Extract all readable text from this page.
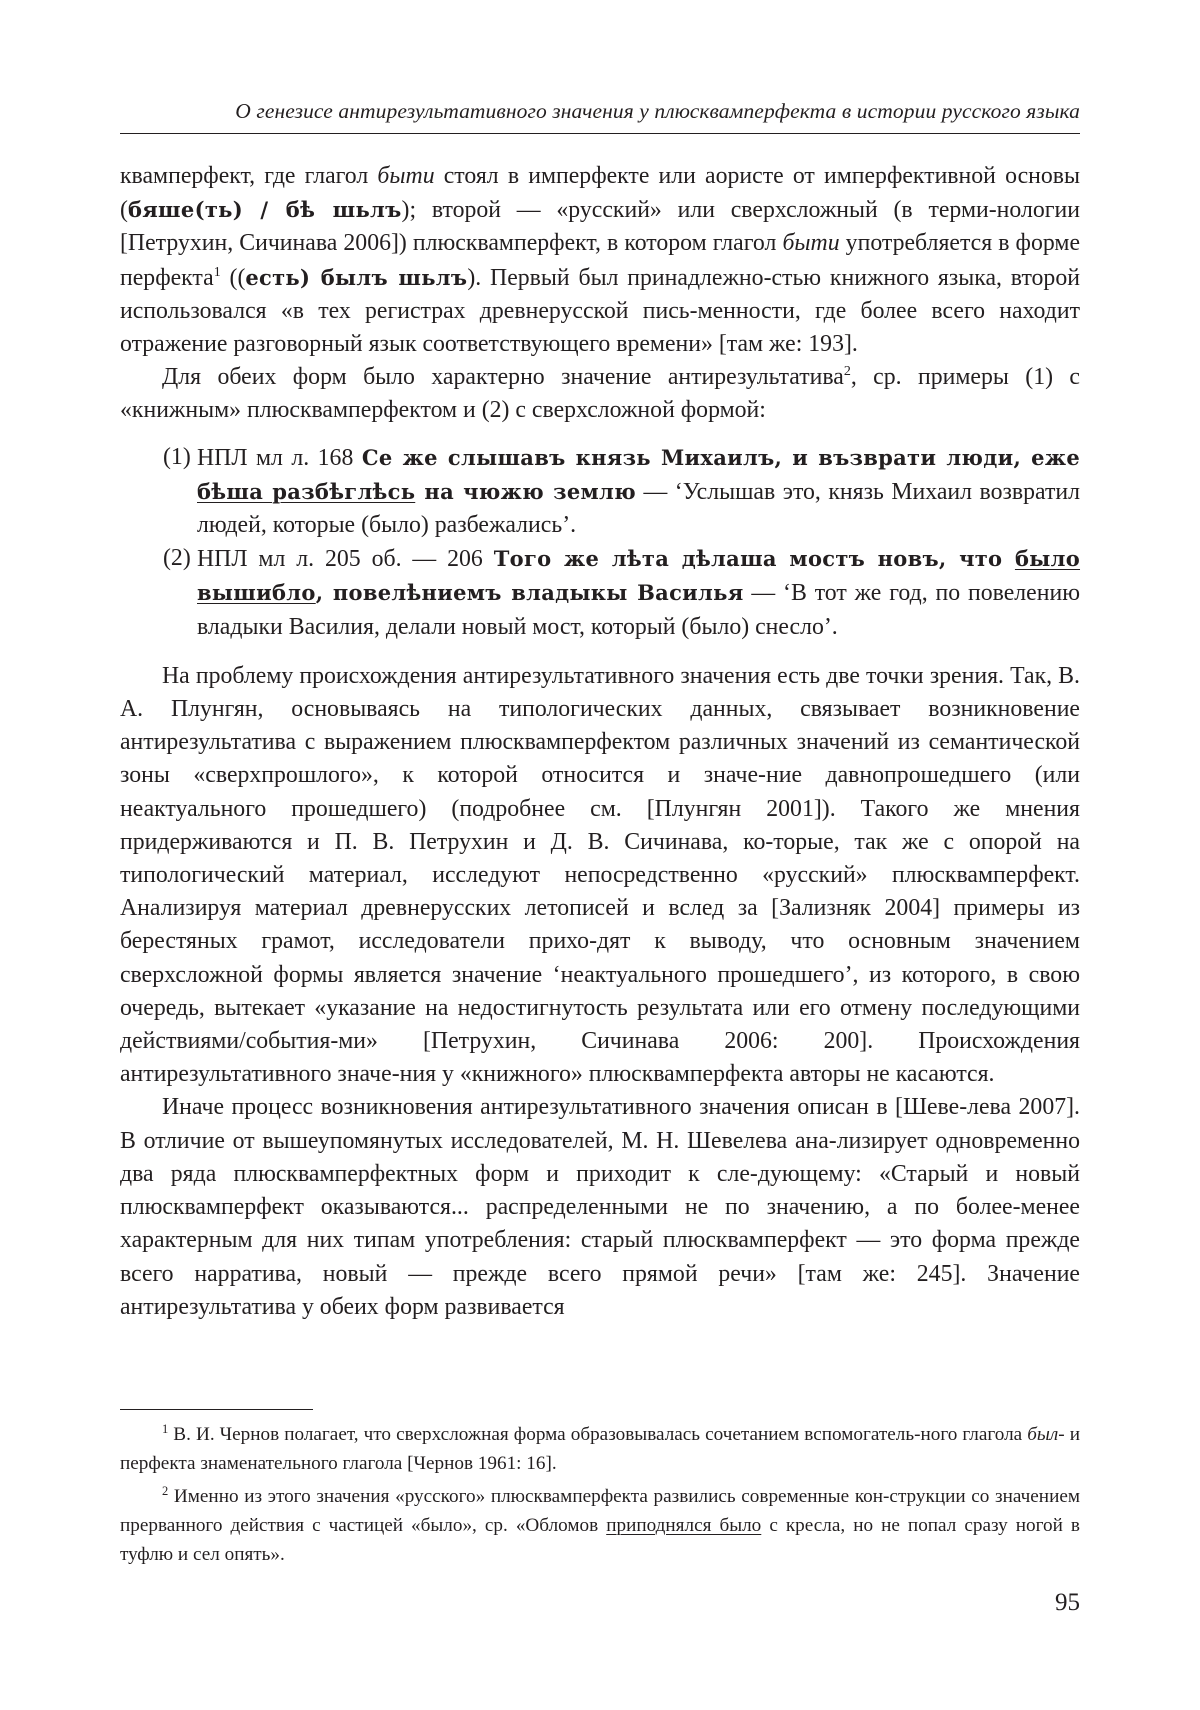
О генезисе антирезультативного значения у плюсквамперфекта в истории русского языка

квамперфект, где глагол быти стоял в имперфекте или аористе от имперфективной основы (бяше(ть) / бѣ шьлъ); второй — «русский» или сверхсложный (в терми-нологии [Петрухин, Сичинава 2006]) плюсквамперфект, в котором глагол быти употребляется в форме перфекта$^1$ ((есть) былъ шьлъ). Первый был принадлежно-стью книжного языка, второй использовался «в тех регистрах древнерусской пись-менности, где более всего находит отражение разговорный язык соответствующего времени» [там же: 193].

Для обеих форм было характерно значение антирезультатива$^2$, ср. примеры (1) с «книжным» плюсквамперфектом и (2) с сверхсложной формой:

(1) НПЛ мл л. 168 Се же слышавъ князь Михаилъ, и възврати люди, еже бѣша разбѣглѣсь на чюжю землю — ‘Услышав это, князь Михаил возвратил людей, которые (было) разбежались’.
(2) НПЛ мл л. 205 об. — 206 Того же лѣта дѣлаша мостъ новъ, что было вышибло, повелѣниемъ владыкы Василья — ‘В тот же год, по повелению владыки Василия, делали новый мост, который (было) снесло’.

На проблему происхождения антирезультативного значения есть две точки зрения. Так, В. А. Плунгян, основываясь на типологических данных, связывает возникновение антирезультатива с выражением плюсквамперфектом различных значений из семантической зоны «сверхпрошлого», к которой относится и значе-ние давнопрошедшего (или неактуального прошедшего) (подробнее см. [Плунгян 2001]). Такого же мнения придерживаются и П. В. Петрухин и Д. В. Сичинава, ко-торые, так же с опорой на типологический материал, исследуют непосредственно «русский» плюсквамперфект. Анализируя материал древнерусских летописей и вслед за [Зализняк 2004] примеры из берестяных грамот, исследователи прихо-дят к выводу, что основным значением сверхсложной формы является значение ‘неактуального прошедшего’, из которого, в свою очередь, вытекает «указание на недостигнутость результата или его отмену последующими действиями/события-ми» [Петрухин, Сичинава 2006: 200]. Происхождения антирезультативного значе-ния у «книжного» плюсквамперфекта авторы не касаются.

Иначе процесс возникновения антирезультативного значения описан в [Шеве-лева 2007]. В отличие от вышеупомянутых исследователей, М. Н. Шевелева ана-лизирует одновременно два ряда плюсквамперфектных форм и приходит к сле-дующему: «Старый и новый плюсквамперфект оказываются... распределенными не по значению, а по более-менее характерным для них типам употребления: старый плюсквамперфект — это форма прежде всего нарратива, новый — прежде всего прямой речи» [там же: 245]. Значение антирезультатива у обеих форм развивается

$^1$ В. И. Чернов полагает, что сверхсложная форма образовывалась сочетанием вспомогатель-ного глагола был- и перфекта знаменательного глагола [Чернов 1961: 16].

$^2$ Именно из этого значения «русского» плюсквамперфекта развились современные кон-струкции со значением прерванного действия с частицей «было», ср. «Обломов приподнялся было с кресла, но не попал сразу ногой в туфлю и сел опять».

95
